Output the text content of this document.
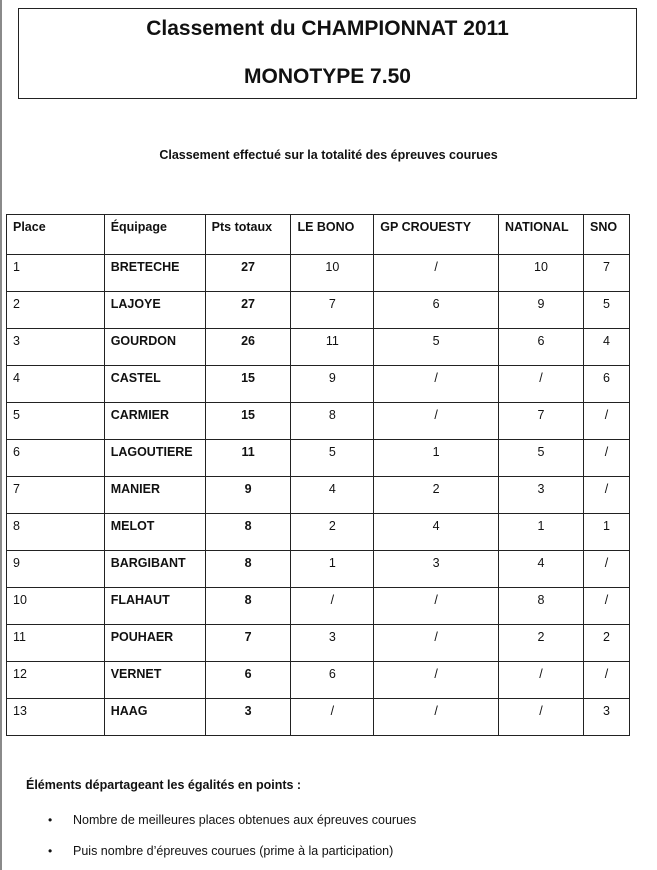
Classement du CHAMPIONNAT 2011
MONOTYPE 7.50
Classement effectué sur la totalité des épreuves courues
Place	Équipage	Pts totaux	LE BONO	GP CROUESTY	NATIONAL	SNO
1	BRETECHE	27	10	/	10	7
2	LAJOYE	27	7	6	9	5
3	GOURDON	26	11	5	6	4
4	CASTEL	15	9	/	/	6
5	CARMIER	15	8	/	7	/
6	LAGOUTIERE	11	5	1	5	/
7	MANIER	9	4	2	3	/
8	MELOT	8	2	4	1	1
9	BARGIBANT	8	1	3	4	/
10	FLAHAUT	8	/	/	8	/
11	POUHAER	7	3	/	2	2
12	VERNET	6	6	/	/	/
13	HAAG	3	/	/	/	3
Éléments départageant les égalités en points :
• Nombre de meilleures places obtenues aux épreuves courues
• Puis nombre d’épreuves courues (prime à la participation)
